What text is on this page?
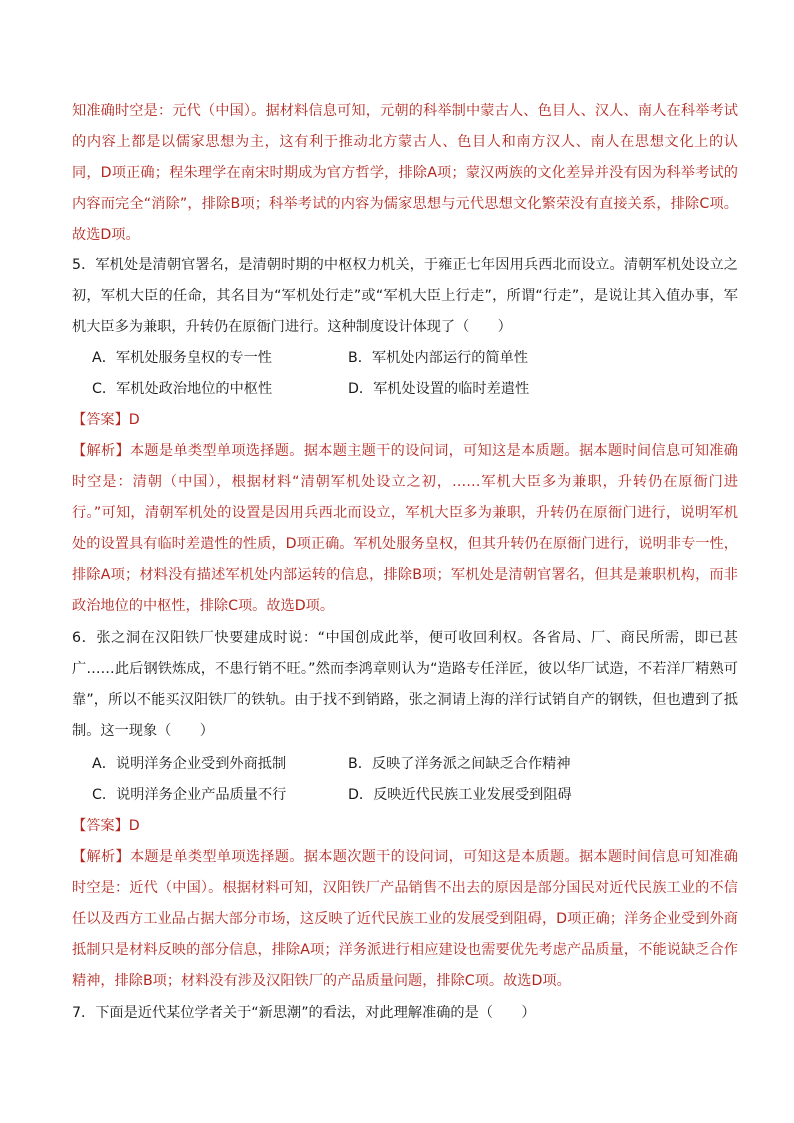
知准确时空是：元代（中国）。据材料信息可知，元朝的科举制中蒙古人、色目人、汉人、南人在科举考试的内容上都是以儒家思想为主，这有利于推动北方蒙古人、色目人和南方汉人、南人在思想文化上的认同，D项正确；程朱理学在南宋时期成为官方哲学，排除A项；蒙汉两族的文化差异并没有因为科举考试的内容而完全“消除”，排除B项；科举考试的内容为儒家思想与元代思想文化繁荣没有直接关系，排除C项。故选D项。

5．军机处是清朝官署名，是清朝时期的中枢权力机关，于雍正七年因用兵西北而设立。清朝军机处设立之初，军机大臣的任命，其名目为“军机处行走”或“军机大臣上行走”，所谓“行走”，是说让其入值办事，军机大臣多为兼职，升转仍在原衙门进行。这种制度设计体现了（　　）

A．军机处服务皇权的专一性	B．军机处内部运行的简单性
C．军机处政治地位的中枢性	D．军机处设置的临时差遣性

【答案】D

【解析】本题是单类型单项选择题。据本题主题干的设问词，可知这是本质题。据本题时间信息可知准确时空是：清朝（中国），根据材料“清朝军机处设立之初，……军机大臣多为兼职，升转仍在原衙门进行。”可知，清朝军机处的设置是因用兵西北而设立，军机大臣多为兼职，升转仍在原衙门进行，说明军机处的设置具有临时差遣性的性质，D项正确。军机处服务皇权，但其升转仍在原衙门进行，说明非专一性，排除A项；材料没有描述军机处内部运转的信息，排除B项；军机处是清朝官署名，但其是兼职机构，而非政治地位的中枢性，排除C项。故选D项。

6．张之洞在汉阳铁厂快要建成时说：“中国创成此举，便可收回利权。各省局、厂、商民所需，即已甚广……此后钢铁炼成，不患行销不旺。”然而李鸿章则认为“造路专任洋匠，彼以华厂试造，不若洋厂精熟可靠”，所以不能买汉阳铁厂的铁轨。由于找不到销路，张之洞请上海的洋行试销自产的钢铁，但也遭到了抵制。这一现象（　　）

A．说明洋务企业受到外商抵制	B．反映了洋务派之间缺乏合作精神
C．说明洋务企业产品质量不行	D．反映近代民族工业发展受到阻碍

【答案】D

【解析】本题是单类型单项选择题。据本题次题干的设问词，可知这是本质题。据本题时间信息可知准确时空是：近代（中国）。根据材料可知，汉阳铁厂产品销售不出去的原因是部分国民对近代民族工业的不信任以及西方工业品占据大部分市场，这反映了近代民族工业的发展受到阻碍，D项正确；洋务企业受到外商抵制只是材料反映的部分信息，排除A项；洋务派进行相应建设也需要优先考虑产品质量，不能说缺乏合作精神，排除B项；材料没有涉及汉阳铁厂的产品质量问题，排除C项。故选D项。

7．下面是近代某位学者关于“新思潮”的看法，对此理解准确的是（　　）
